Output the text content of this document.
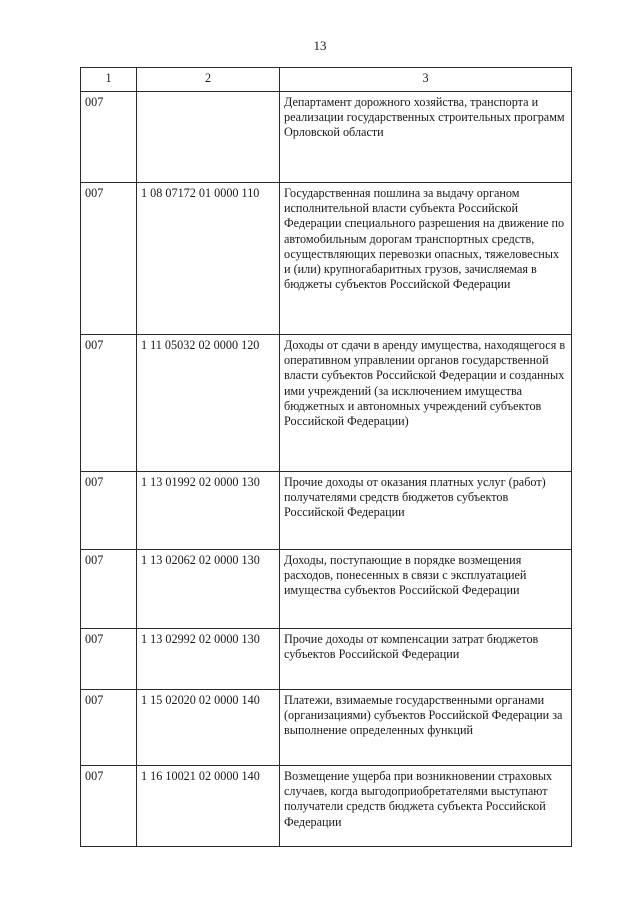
13
1	2	3
007		Департамент дорожного хозяйства, транспорта и реализации государственных строительных программ Орловской области
007	1 08 07172 01 0000 110	Государственная пошлина за выдачу органом исполнительной власти субъекта Российской Федерации специального разрешения на движение по автомобильным дорогам транспортных средств, осуществляющих перевозки опасных, тяжеловесных и (или) крупногабаритных грузов, зачисляемая в бюджеты субъектов Российской Федерации
007	1 11 05032 02 0000 120	Доходы от сдачи в аренду имущества, находящегося в оперативном управлении органов государственной власти субъектов Российской Федерации и созданных ими учреждений (за исключением имущества бюджетных и автономных учреждений субъектов Российской Федерации)
007	1 13 01992 02 0000 130	Прочие доходы от оказания платных услуг (работ) получателями средств бюджетов субъектов Российской Федерации
007	1 13 02062 02 0000 130	Доходы, поступающие в порядке возмещения расходов, понесенных в связи с эксплуатацией имущества субъектов Российской Федерации
007	1 13 02992 02 0000 130	Прочие доходы от компенсации затрат бюджетов субъектов Российской Федерации
007	1 15 02020 02 0000 140	Платежи, взимаемые государственными органами (организациями) субъектов Российской Федерации за выполнение определенных функций
007	1 16 10021 02 0000 140	Возмещение ущерба при возникновении страховых случаев, когда выгодоприобретателями выступают получатели средств бюджета субъекта Российской Федерации
